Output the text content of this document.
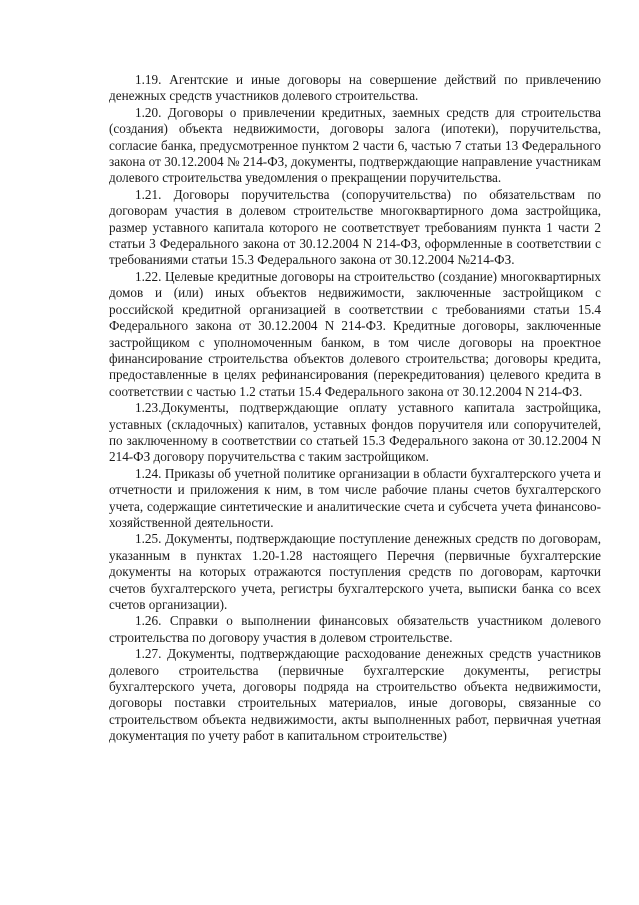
1.19. Агентские и иные договоры на совершение действий по привлечению денежных средств участников долевого строительства.

1.20. Договоры о привлечении кредитных, заемных средств для строительства (создания) объекта недвижимости, договоры залога (ипотеки), поручительства, согласие банка, предусмотренное пунктом 2 части 6, частью 7 статьи 13 Федерального закона от 30.12.2004 № 214-ФЗ, документы, подтверждающие направление участникам долевого строительства уведомления о прекращении поручительства.

1.21. Договоры поручительства (сопоручительства) по обязательствам по договорам участия в долевом строительстве многоквартирного дома застройщика, размер уставного капитала которого не соответствует требованиям пункта 1 части 2 статьи 3 Федерального закона от 30.12.2004 N 214-ФЗ, оформленные в соответствии с требованиями статьи 15.3 Федерального закона от 30.12.2004 №214-ФЗ.

1.22. Целевые кредитные договоры на строительство (создание) многоквартирных домов и (или) иных объектов недвижимости, заключенные застройщиком с российской кредитной организацией в соответствии с требованиями статьи 15.4 Федерального закона от 30.12.2004 N 214-ФЗ. Кредитные договоры, заключенные застройщиком с уполномоченным банком, в том числе договоры на проектное финансирование строительства объектов долевого строительства; договоры кредита, предоставленные в целях рефинансирования (перекредитования) целевого кредита в соответствии с частью 1.2 статьи 15.4 Федерального закона от 30.12.2004 N 214-ФЗ.

1.23.Документы, подтверждающие оплату уставного капитала застройщика, уставных (складочных) капиталов, уставных фондов поручителя или сопоручителей, по заключенному в соответствии со статьей 15.3 Федерального закона от 30.12.2004 N 214-ФЗ договору поручительства с таким застройщиком.

1.24. Приказы об учетной политике организации в области бухгалтерского учета и отчетности и приложения к ним, в том числе рабочие планы счетов бухгалтерского учета, содержащие синтетические и аналитические счета и субсчета учета финансово-хозяйственной деятельности.

1.25. Документы, подтверждающие поступление денежных средств по договорам, указанным в пунктах 1.20-1.28 настоящего Перечня (первичные бухгалтерские документы на которых отражаются поступления средств по договорам, карточки счетов бухгалтерского учета, регистры бухгалтерского учета, выписки банка со всех счетов организации).

1.26. Справки о выполнении финансовых обязательств участником долевого строительства по договору участия в долевом строительстве.

1.27. Документы, подтверждающие расходование денежных средств участников долевого строительства (первичные бухгалтерские документы, регистры бухгалтерского учета, договоры подряда на строительство объекта недвижимости, договоры поставки строительных материалов, иные договоры, связанные со строительством объекта недвижимости, акты выполненных работ, первичная учетная документация по учету работ в капитальном строительстве)
